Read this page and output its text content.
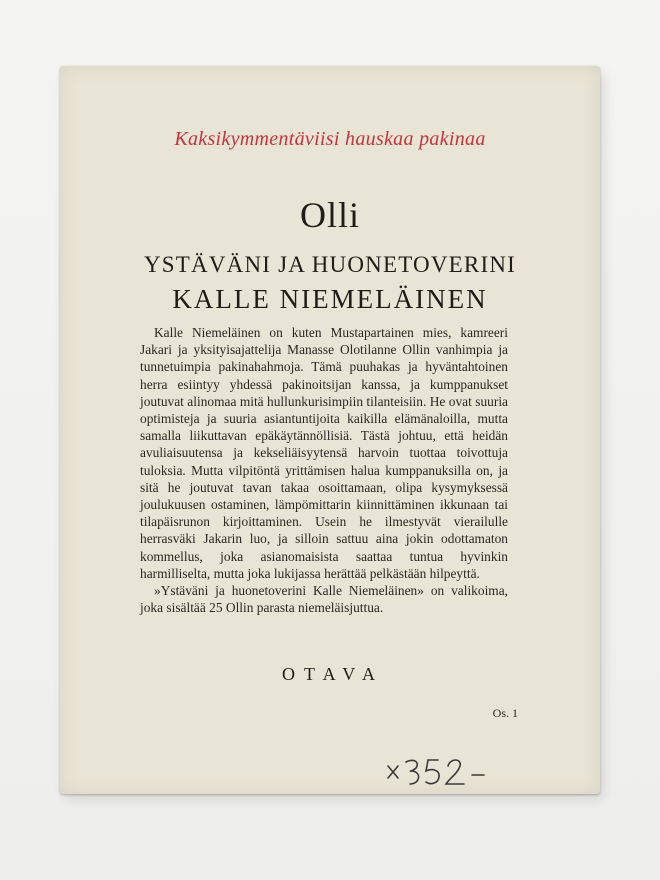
Kaksikymmentäviisi hauskaa pakinaa
Olli
YSTÄVÄNI JA HUONETOVERINI
KALLE NIEMELÄINEN

Kalle Niemeläinen on kuten Mustapartainen mies, kamreeri Jakari ja yksityisajattelija Manasse Olotilanne Ollin vanhimpia ja tunnetuimpia pakinahahmoja. Tämä puuhakas ja hyväntahtoinen herra esiintyy yhdessä pakinoitsijan kanssa, ja kumppanukset joutuvat alinomaa mitä hullunkurisimpiin tilanteisiin. He ovat suuria optimisteja ja suuria asiantuntijoita kaikilla elämänaloilla, mutta samalla liikuttavan epäkäytännöllisiä. Tästä johtuu, että heidän avuliaisuutensa ja kekseliäisyytensä harvoin tuottaa toivottuja tuloksia. Mutta vilpitöntä yrittämisen halua kumppanuksilla on, ja sitä he joutuvat tavan takaa osoittamaan, olipa kysymyksessä joulukuusen ostaminen, lämpömittarin kiinnittäminen ikkunaan tai tilapäisrunon kirjoittaminen. Usein he ilmestyvät vierailulle herrasväki Jakarin luo, ja silloin sattuu aina jokin odottamaton kommellus, joka asianomaisista saattaa tuntua hyvinkin harmilliselta, mutta joka lukijassa herättää pelkästään hilpeyttä.

»Ystäväni ja huonetoverini Kalle Niemeläinen» on valikoima, joka sisältää 25 Ollin parasta niemeläisjuttua.

OTAVA
Os. 1
